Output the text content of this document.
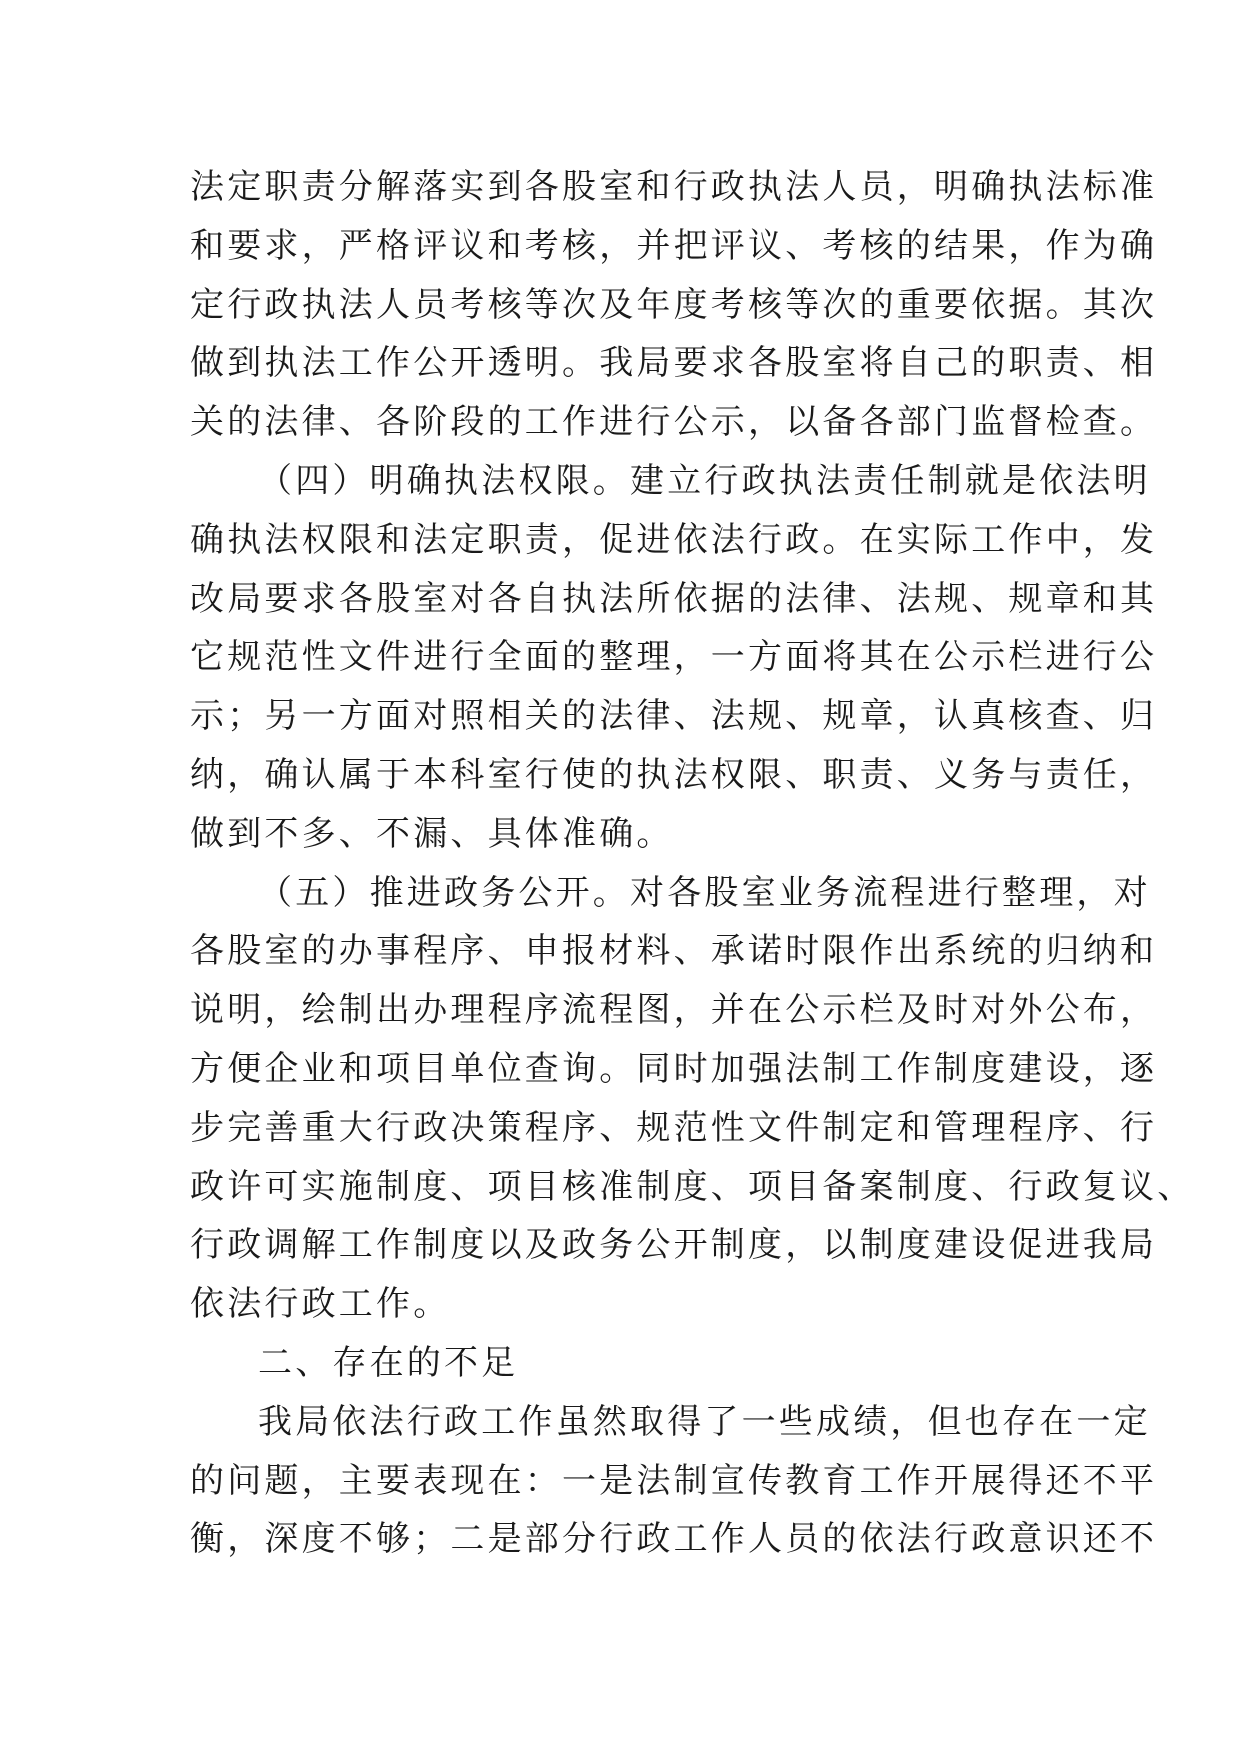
法定职责分解落实到各股室和行政执法人员，明确执法标准
和要求，严格评议和考核，并把评议、考核的结果，作为确
定行政执法人员考核等次及年度考核等次的重要依据。其次
做到执法工作公开透明。我局要求各股室将自己的职责、相
关的法律、各阶段的工作进行公示，以备各部门监督检查。
（四）明确执法权限。建立行政执法责任制就是依法明
确执法权限和法定职责，促进依法行政。在实际工作中，发
改局要求各股室对各自执法所依据的法律、法规、规章和其
它规范性文件进行全面的整理，一方面将其在公示栏进行公
示；另一方面对照相关的法律、法规、规章，认真核查、归
纳，确认属于本科室行使的执法权限、职责、义务与责任，
做到不多、不漏、具体准确。
（五）推进政务公开。对各股室业务流程进行整理，对
各股室的办事程序、申报材料、承诺时限作出系统的归纳和
说明，绘制出办理程序流程图，并在公示栏及时对外公布，
方便企业和项目单位查询。同时加强法制工作制度建设，逐
步完善重大行政决策程序、规范性文件制定和管理程序、行
政许可实施制度、项目核准制度、项目备案制度、行政复议、
行政调解工作制度以及政务公开制度，以制度建设促进我局
依法行政工作。
二、存在的不足
我局依法行政工作虽然取得了一些成绩，但也存在一定
的问题，主要表现在：一是法制宣传教育工作开展得还不平
衡，深度不够；二是部分行政工作人员的依法行政意识还不
